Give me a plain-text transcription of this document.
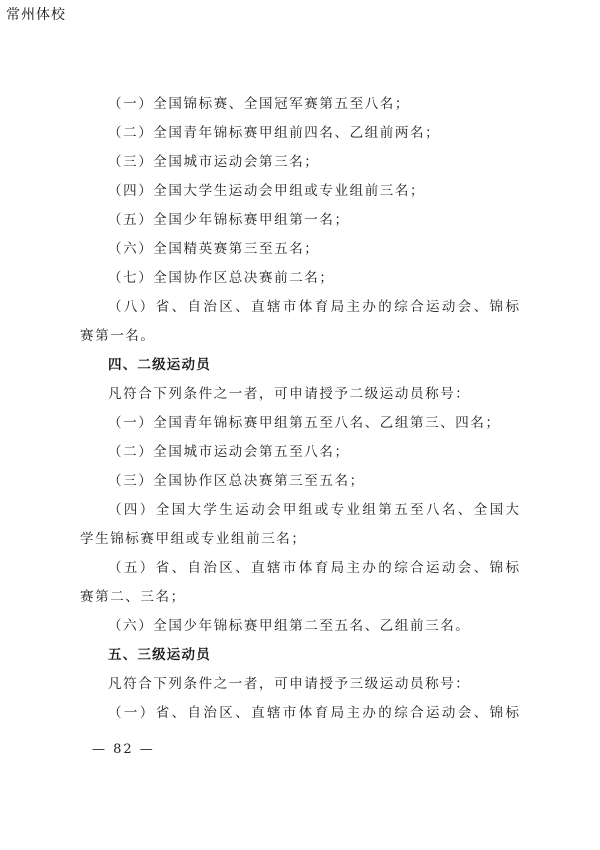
常州体校
（一）全国锦标赛、全国冠军赛第五至八名；
（二）全国青年锦标赛甲组前四名、乙组前两名；
（三）全国城市运动会第三名；
（四）全国大学生运动会甲组或专业组前三名；
（五）全国少年锦标赛甲组第一名；
（六）全国精英赛第三至五名；
（七）全国协作区总决赛前二名；
（八）省、自治区、直辖市体育局主办的综合运动会、锦标
赛第一名。
四、二级运动员
凡符合下列条件之一者，可申请授予二级运动员称号：
（一）全国青年锦标赛甲组第五至八名、乙组第三、四名；
（二）全国城市运动会第五至八名；
（三）全国协作区总决赛第三至五名；
（四）全国大学生运动会甲组或专业组第五至八名、全国大
学生锦标赛甲组或专业组前三名；
（五）省、自治区、直辖市体育局主办的综合运动会、锦标
赛第二、三名；
（六）全国少年锦标赛甲组第二至五名、乙组前三名。
五、三级运动员
凡符合下列条件之一者，可申请授予三级运动员称号：
（一）省、自治区、直辖市体育局主办的综合运动会、锦标
— 82 —
